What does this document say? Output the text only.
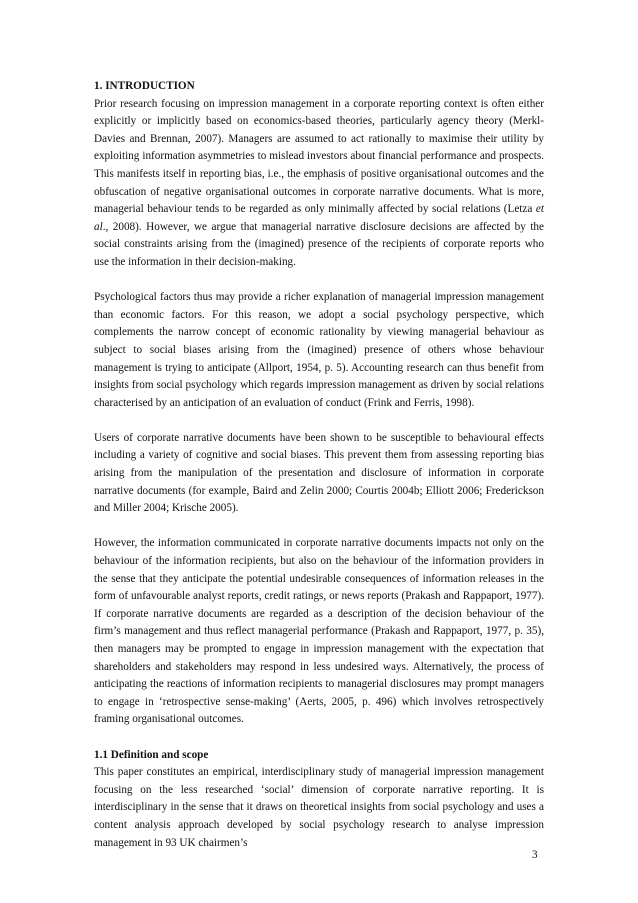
1. INTRODUCTION

Prior research focusing on impression management in a corporate reporting context is often either explicitly or implicitly based on economics-based theories, particularly agency theory (Merkl-Davies and Brennan, 2007). Managers are assumed to act rationally to maximise their utility by exploiting information asymmetries to mislead investors about financial performance and prospects. This manifests itself in reporting bias, i.e., the emphasis of positive organisational outcomes and the obfuscation of negative organisational outcomes in corporate narrative documents. What is more, managerial behaviour tends to be regarded as only minimally affected by social relations (Letza et al., 2008). However, we argue that managerial narrative disclosure decisions are affected by the social constraints arising from the (imagined) presence of the recipients of corporate reports who use the information in their decision-making.

Psychological factors thus may provide a richer explanation of managerial impression management than economic factors. For this reason, we adopt a social psychology perspective, which complements the narrow concept of economic rationality by viewing managerial behaviour as subject to social biases arising from the (imagined) presence of others whose behaviour management is trying to anticipate (Allport, 1954, p. 5). Accounting research can thus benefit from insights from social psychology which regards impression management as driven by social relations characterised by an anticipation of an evaluation of conduct (Frink and Ferris, 1998).

Users of corporate narrative documents have been shown to be susceptible to behavioural effects including a variety of cognitive and social biases. This prevent them from assessing reporting bias arising from the manipulation of the presentation and disclosure of information in corporate narrative documents (for example, Baird and Zelin 2000; Courtis 2004b; Elliott 2006; Frederickson and Miller 2004; Krische 2005).

However, the information communicated in corporate narrative documents impacts not only on the behaviour of the information recipients, but also on the behaviour of the information providers in the sense that they anticipate the potential undesirable consequences of information releases in the form of unfavourable analyst reports, credit ratings, or news reports (Prakash and Rappaport, 1977). If corporate narrative documents are regarded as a description of the decision behaviour of the firm’s management and thus reflect managerial performance (Prakash and Rappaport, 1977, p. 35), then managers may be prompted to engage in impression management with the expectation that shareholders and stakeholders may respond in less undesired ways. Alternatively, the process of anticipating the reactions of information recipients to managerial disclosures may prompt managers to engage in ‘retrospective sense-making’ (Aerts, 2005, p. 496) which involves retrospectively framing organisational outcomes.

1.1 Definition and scope

This paper constitutes an empirical, interdisciplinary study of managerial impression management focusing on the less researched ‘social’ dimension of corporate narrative reporting. It is interdisciplinary in the sense that it draws on theoretical insights from social psychology and uses a content analysis approach developed by social psychology research to analyse impression management in 93 UK chairmen’s

3
